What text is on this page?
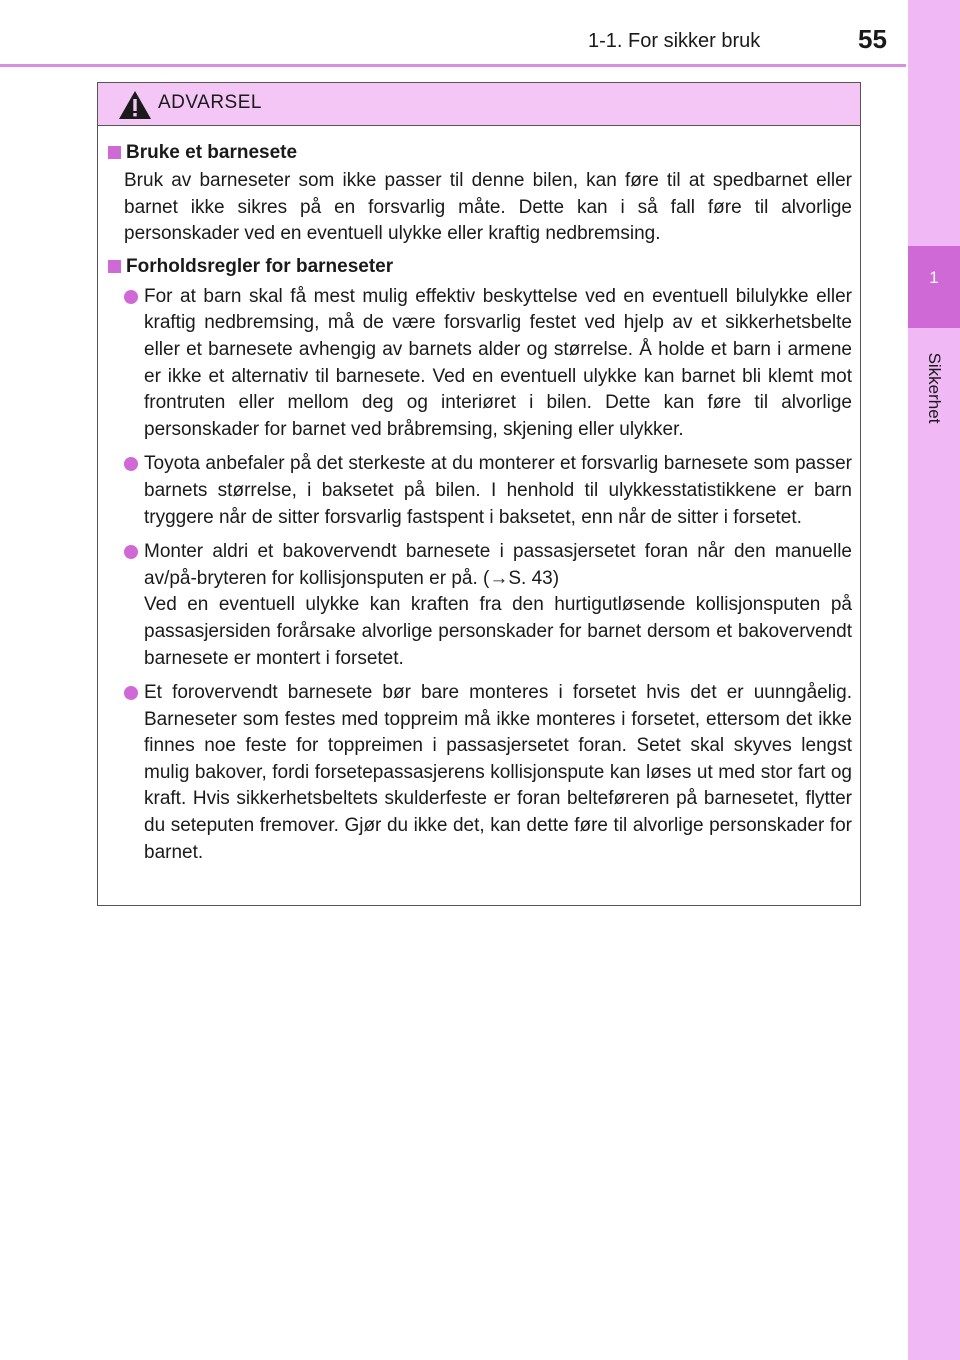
1-1. For sikker bruk	55
1
Sikkerhet
ADVARSEL
Bruke et barnesete

Bruk av barneseter som ikke passer til denne bilen, kan føre til at spedbarnet eller barnet ikke sikres på en forsvarlig måte. Dette kan i så fall føre til alvorlige personskader ved en eventuell ulykke eller kraftig nedbremsing.

Forholdsregler for barneseter
For at barn skal få mest mulig effektiv beskyttelse ved en eventuell bilulykke eller kraftig nedbremsing, må de være forsvarlig festet ved hjelp av et sikkerhetsbelte eller et barnesete avhengig av barnets alder og størrelse. Å holde et barn i armene er ikke et alternativ til barnesete. Ved en eventuell ulykke kan barnet bli klemt mot frontruten eller mellom deg og interiøret i bilen. Dette kan føre til alvorlige personskader for barnet ved bråbremsing, skjening eller ulykker.
Toyota anbefaler på det sterkeste at du monterer et forsvarlig barnesete som passer barnets størrelse, i baksetet på bilen. I henhold til ulykkesstatistikkene er barn tryggere når de sitter forsvarlig fastspent i baksetet, enn når de sitter i forsetet.
Monter aldri et bakovervendt barnesete i passasjersetet foran når den manuelle av/på-bryteren for kollisjonsputen er på. (→S. 43)
Ved en eventuell ulykke kan kraften fra den hurtigutløsende kollisjonsputen på passasjersiden forårsake alvorlige personskader for barnet dersom et bakovervendt barnesete er montert i forsetet.
Et forovervendt barnesete bør bare monteres i forsetet hvis det er uunngåelig. Barneseter som festes med toppreim må ikke monteres i forsetet, ettersom det ikke finnes noe feste for toppreimen i passasjersetet foran. Setet skal skyves lengst mulig bakover, fordi forsetepassasjerens kollisjonspute kan løses ut med stor fart og kraft. Hvis sikkerhetsbeltets skulderfeste er foran belteføreren på barnesetet, flytter du seteputen fremover. Gjør du ikke det, kan dette føre til alvorlige personskader for barnet.
